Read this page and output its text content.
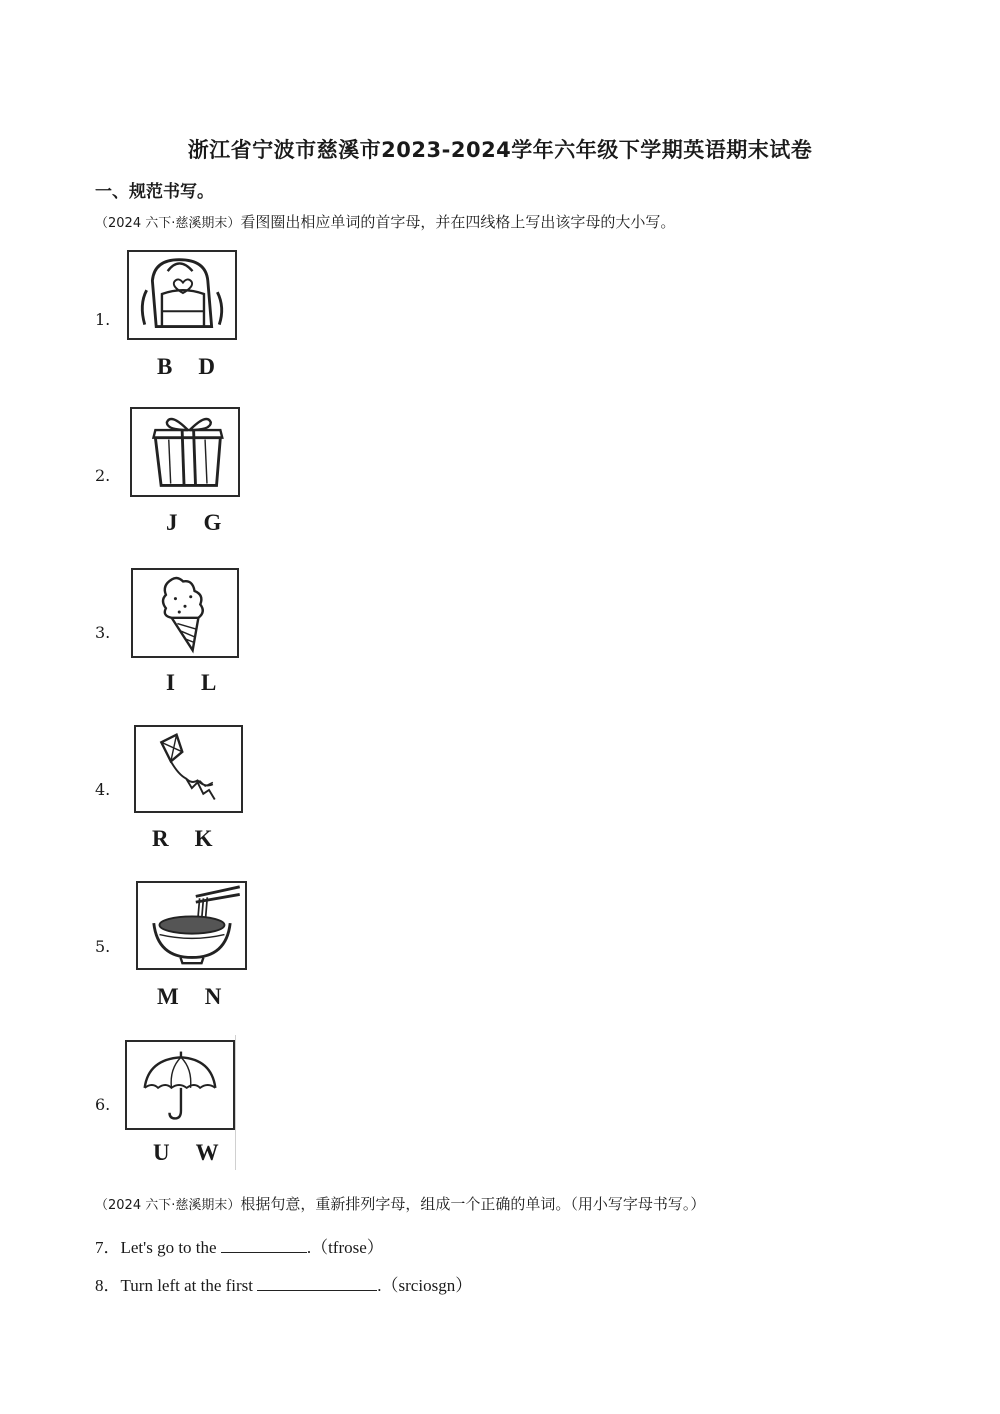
浙江省宁波市慈溪市2023-2024学年六年级下学期英语期末试卷
一、规范书写。
（2024 六下·慈溪期末）看图圈出相应单词的首字母，并在四线格上写出该字母的大小写。
1.
B D
2.
J G
3.
I L
4.
R K
5.
M N
6.
U W
（2024 六下·慈溪期末）根据句意，重新排列字母，组成一个正确的单词。（用小写字母书写。）
7．Let's go to the	.（tfrose）
8．Turn left at the first	.（srciosgn）
